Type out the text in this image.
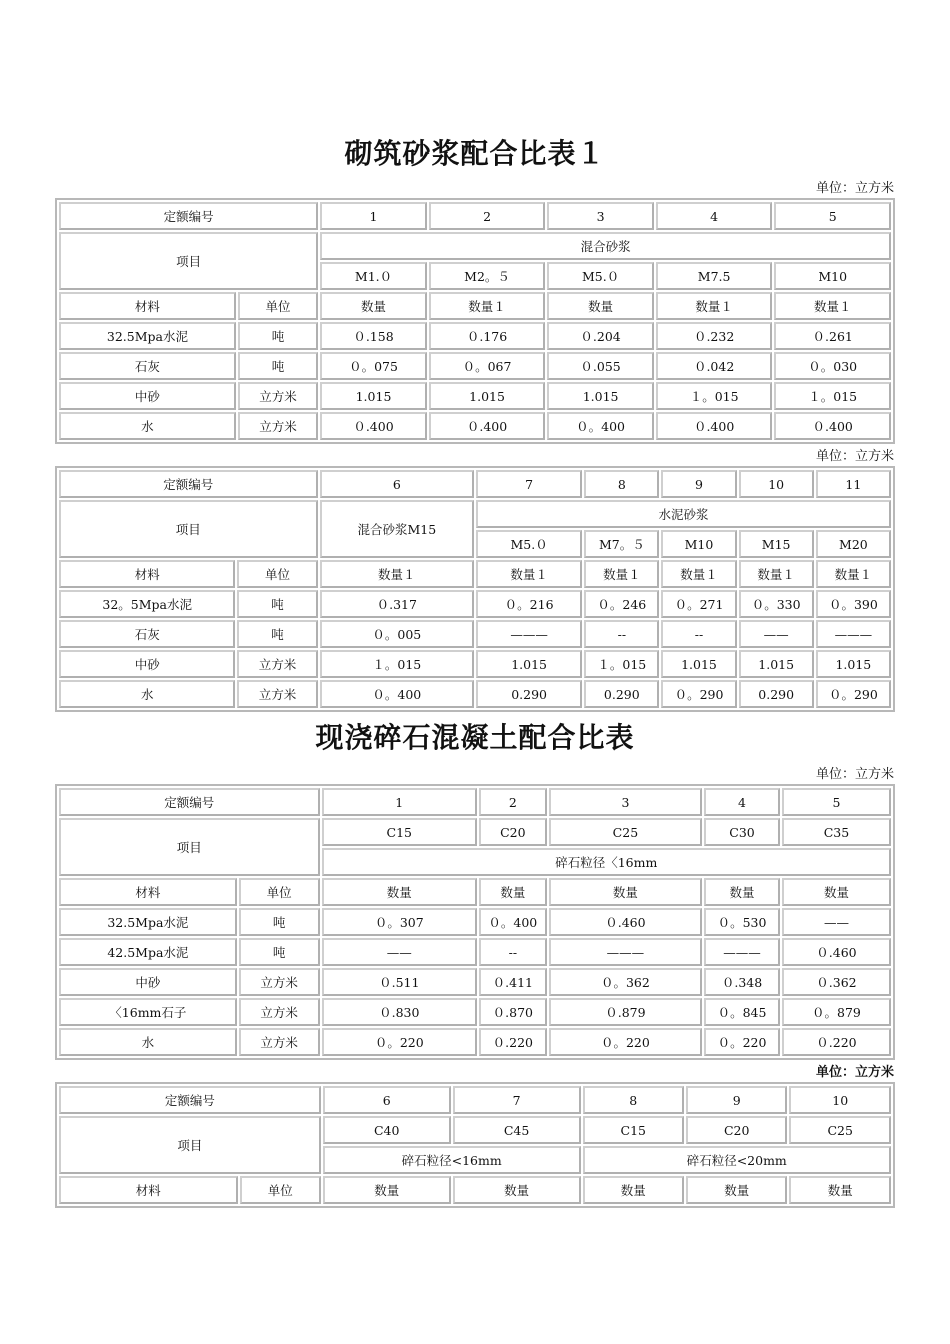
砌筑砂浆配合比表１
单位：立方米
定额编号		1	2	3	4	5
项目		混合砂浆				
		M1.０	M2。５	M5.０	M7.5	M10
材料	单位	数量	数量１	数量	数量１	数量１
32.5Mpa水泥	吨	０.158	０.176	０.204	０.232	０.261
石灰	吨	０。075	０。067	０.055	０.042	０。030
中砂	立方米	1.015	1.015	1.015	１。015	１。015
水	立方米	０.400	０.400	０。400	０.400	０.400
单位：立方米
定额编号		6	7	8	9	10	11
项目		混合砂浆M15	水泥砂浆				
			M5.０	M7。５	M10	M15	M20
材料	单位	数量１	数量１	数量１	数量１	数量１	数量１
32。5Mpa水泥	吨	０.317	０。216	０。246	０。271	０。330	０。390
石灰	吨	０。005	———	--	--	——	———
中砂	立方米	１。015	1.015	１。015	1.015	1.015	1.015
水	立方米	０。400	0.290	0.290	０。290	0.290	０。290
现浇碎石混凝土配合比表
单位：立方米
定额编号		1	2	3	4	5
项目		C15	C20	C25	C30	C35
		碎石粒径〈16mm				
材料	单位	数量	数量	数量	数量	数量
32.5Mpa水泥	吨	０。307	０。400	０.460	０。530	——
42.5Mpa水泥	吨	——	--	———	———	０.460
中砂	立方米	０.511	０.411	０。362	０.348	０.362
〈16mm石子	立方米	０.830	０.870	０.879	０。845	０。879
水	立方米	０。220	０.220	０。220	０。220	０.220
单位：立方米
定额编号		6	7	8	9	10
项目		C40	C45	C15	C20	C25
		碎石粒径<16mm		碎石粒径<20mm		
材料	单位	数量	数量	数量	数量	数量
